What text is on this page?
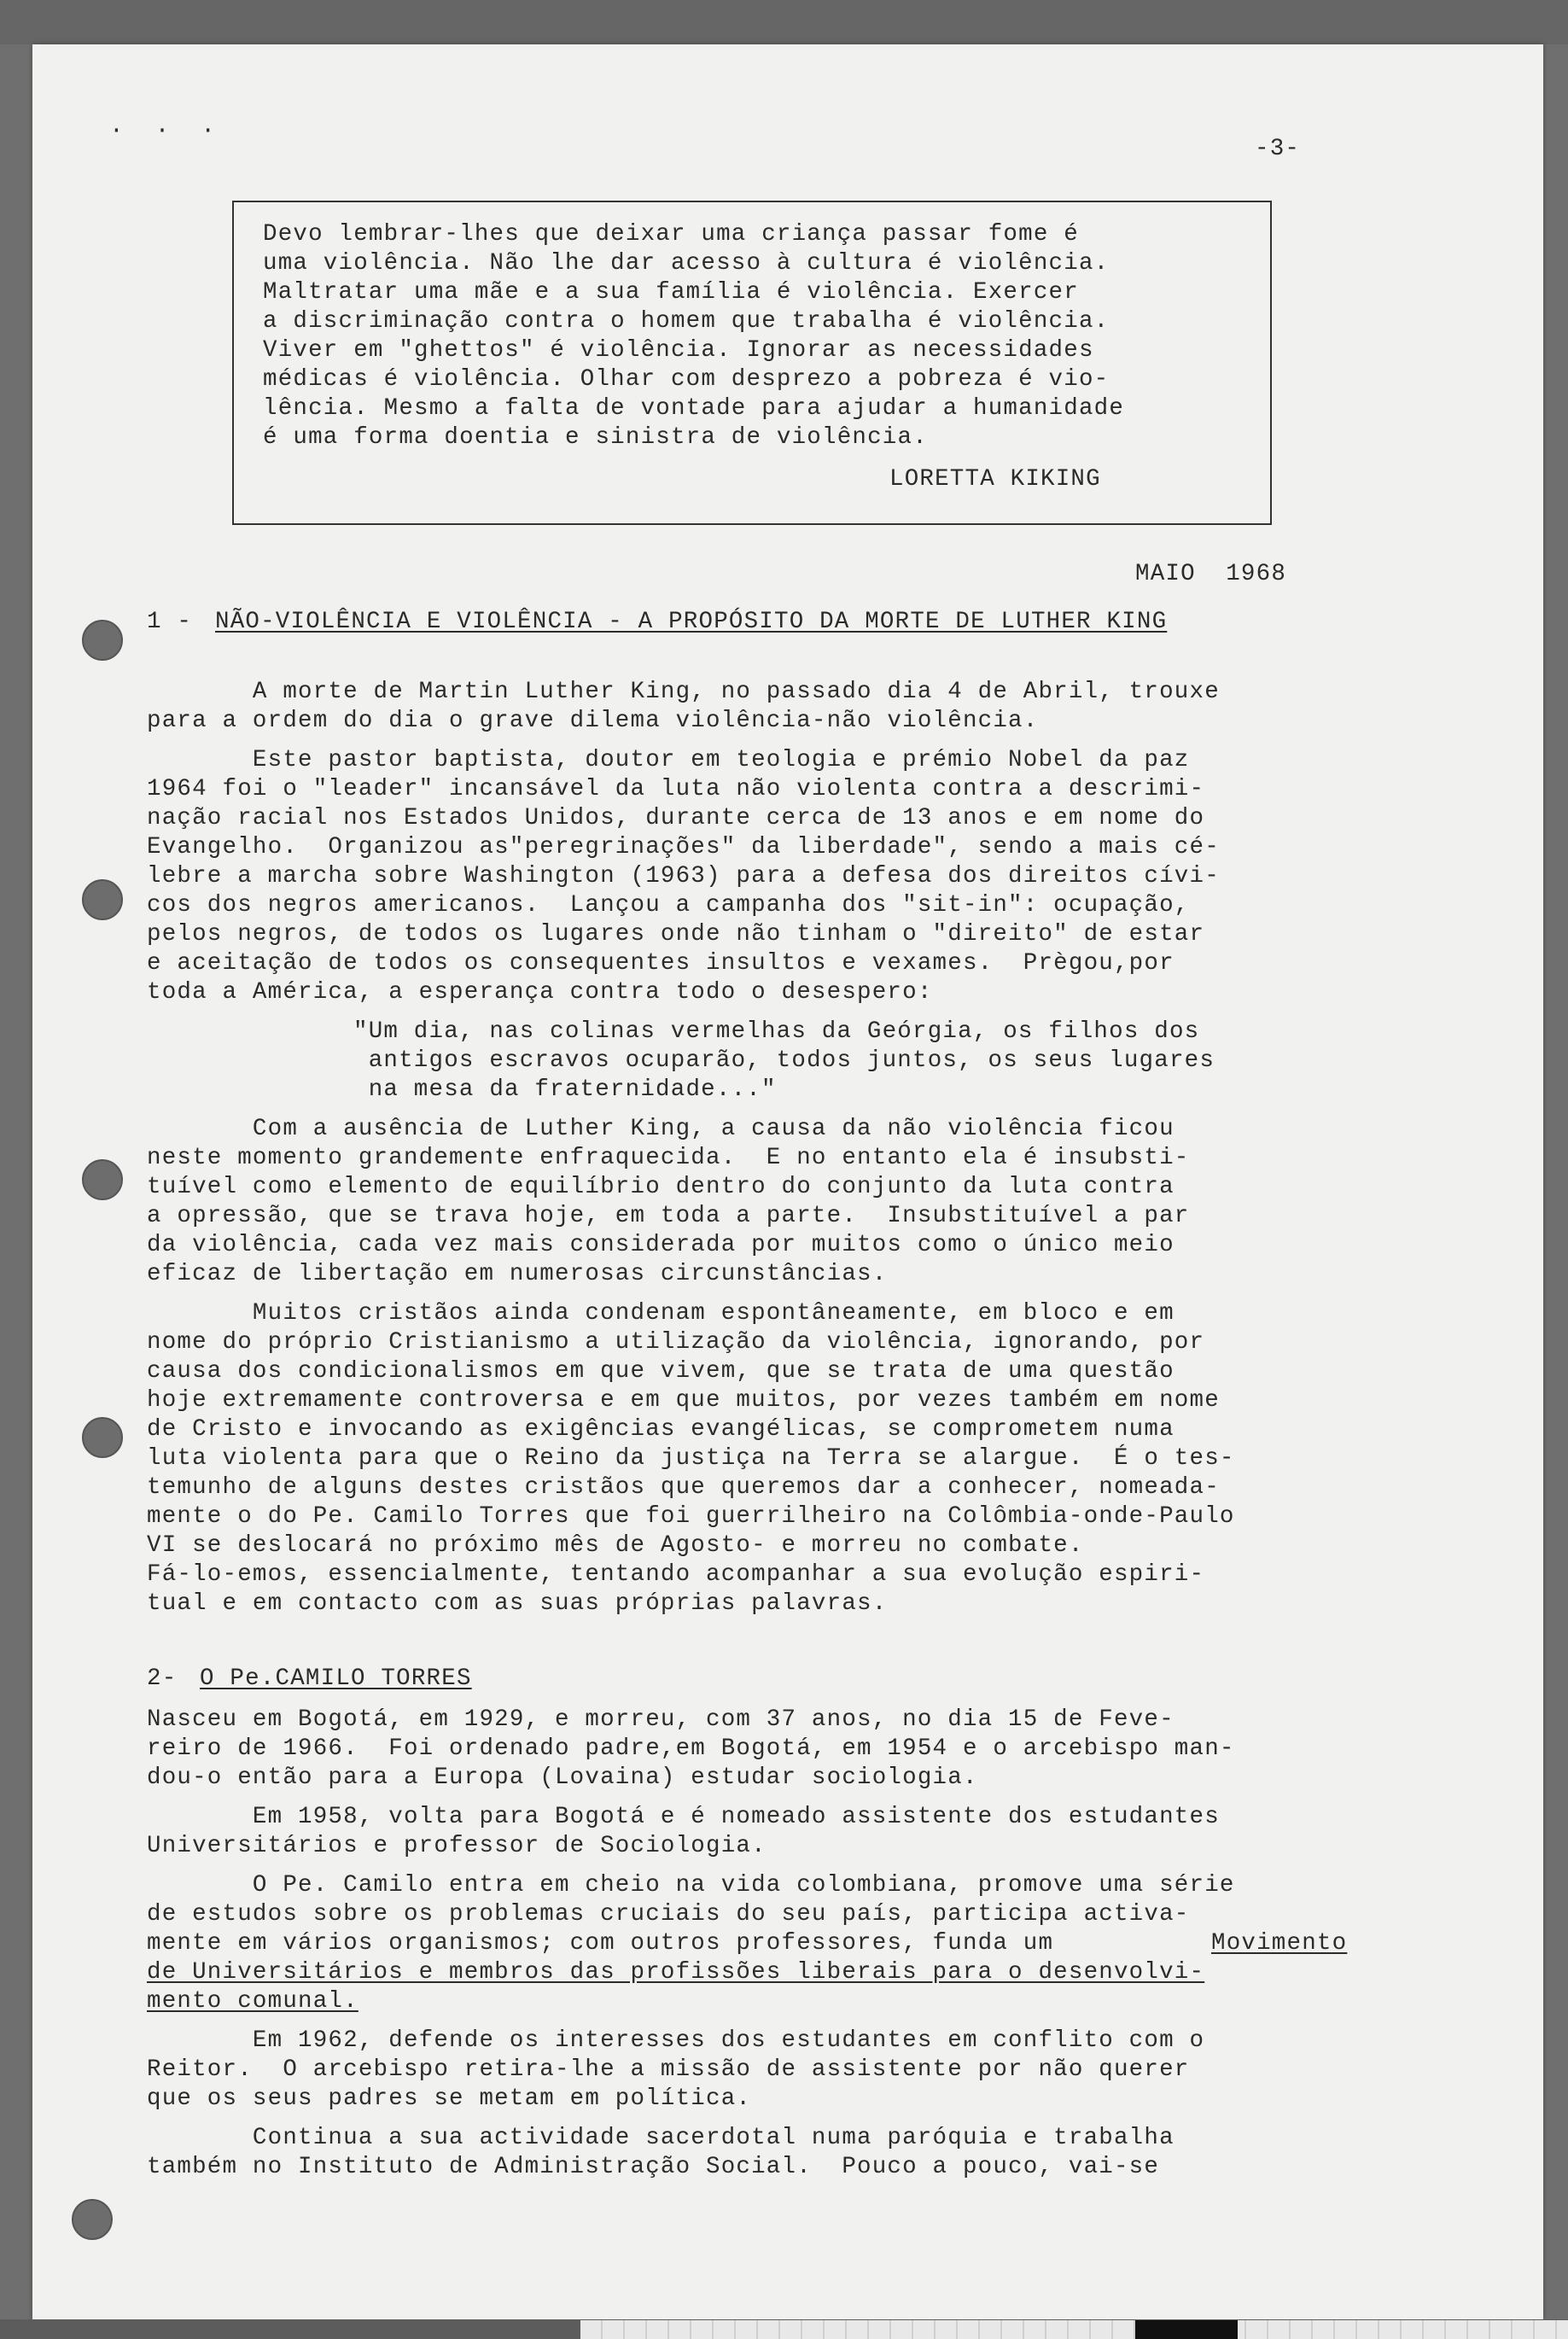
· · ·
-3-
Devo lembrar-lhes que deixar uma criança passar fome é
uma violência. Não lhe dar acesso à cultura é violência.
Maltratar uma mãe e a sua família é violência. Exercer
a discriminação contra o homem que trabalha é violência.
Viver em "ghettos" é violência. Ignorar as necessidades
médicas é violência. Olhar com desprezo a pobreza é vio-
lência. Mesmo a falta de vontade para ajudar a humanidade
é uma forma doentia e sinistra de violência.
LORETTA KIKING
MAIO  1968
1 - NÃO-VIOLÊNCIA E VIOLÊNCIA - A PROPÓSITO DA MORTE DE LUTHER KING
A morte de Martin Luther King, no passado dia 4 de Abril, trouxe
para a ordem do dia o grave dilema violência-não violência.
Este pastor baptista, doutor em teologia e prémio Nobel da paz
1964 foi o "leader" incansável da luta não violenta contra a descrimi-
nação racial nos Estados Unidos, durante cerca de 13 anos e em nome do
Evangelho.  Organizou as"peregrinações" da liberdade", sendo a mais cé-
lebre a marcha sobre Washington (1963) para a defesa dos direitos cívi-
cos dos negros americanos.  Lançou a campanha dos "sit-in": ocupação,
pelos negros, de todos os lugares onde não tinham o "direito" de estar
e aceitação de todos os consequentes insultos e vexames.  Prègou,por
toda a América, a esperança contra todo o desespero:
"Um dia, nas colinas vermelhas da Geórgia, os filhos dos
antigos escravos ocuparão, todos juntos, os seus lugares
na mesa da fraternidade..."
Com a ausência de Luther King, a causa da não violência ficou
neste momento grandemente enfraquecida.  E no entanto ela é insubsti-
tuível como elemento de equilíbrio dentro do conjunto da luta contra
a opressão, que se trava hoje, em toda a parte.  Insubstituível a par
da violência, cada vez mais considerada por muitos como o único meio
eficaz de libertação em numerosas circunstâncias.
Muitos cristãos ainda condenam espontâneamente, em bloco e em
nome do próprio Cristianismo a utilização da violência, ignorando, por
causa dos condicionalismos em que vivem, que se trata de uma questão
hoje extremamente controversa e em que muitos, por vezes também em nome
de Cristo e invocando as exigências evangélicas, se comprometem numa
luta violenta para que o Reino da justiça na Terra se alargue.  É o tes-
temunho de alguns destes cristãos que queremos dar a conhecer, nomeada-
mente o do Pe. Camilo Torres que foi guerrilheiro na Colômbia-onde-Paulo
VI se deslocará no próximo mês de Agosto- e morreu no combate.
Fá-lo-emos, essencialmente, tentando acompanhar a sua evolução espiri-
tual e em contacto com as suas próprias palavras.
2- O Pe.CAMILO TORRES
Nasceu em Bogotá, em 1929, e morreu, com 37 anos, no dia 15 de Feve-
reiro de 1966.  Foi ordenado padre,em Bogotá, em 1954 e o arcebispo man-
dou-o então para a Europa (Lovaina) estudar sociologia.
Em 1958, volta para Bogotá e é nomeado assistente dos estudantes
Universitários e professor de Sociologia.
O Pe. Camilo entra em cheio na vida colombiana, promove uma série
de estudos sobre os problemas cruciais do seu país, participa activa-
mente em vários organismos; com outros professores, funda um	Movimento
de Universitários e membros das profissões liberais para o desenvolvi-
mento comunal.
Em 1962, defende os interesses dos estudantes em conflito com o
Reitor.  O arcebispo retira-lhe a missão de assistente por não querer
que os seus padres se metam em política.
Continua a sua actividade sacerdotal numa paróquia e trabalha
também no Instituto de Administração Social.  Pouco a pouco, vai-se
